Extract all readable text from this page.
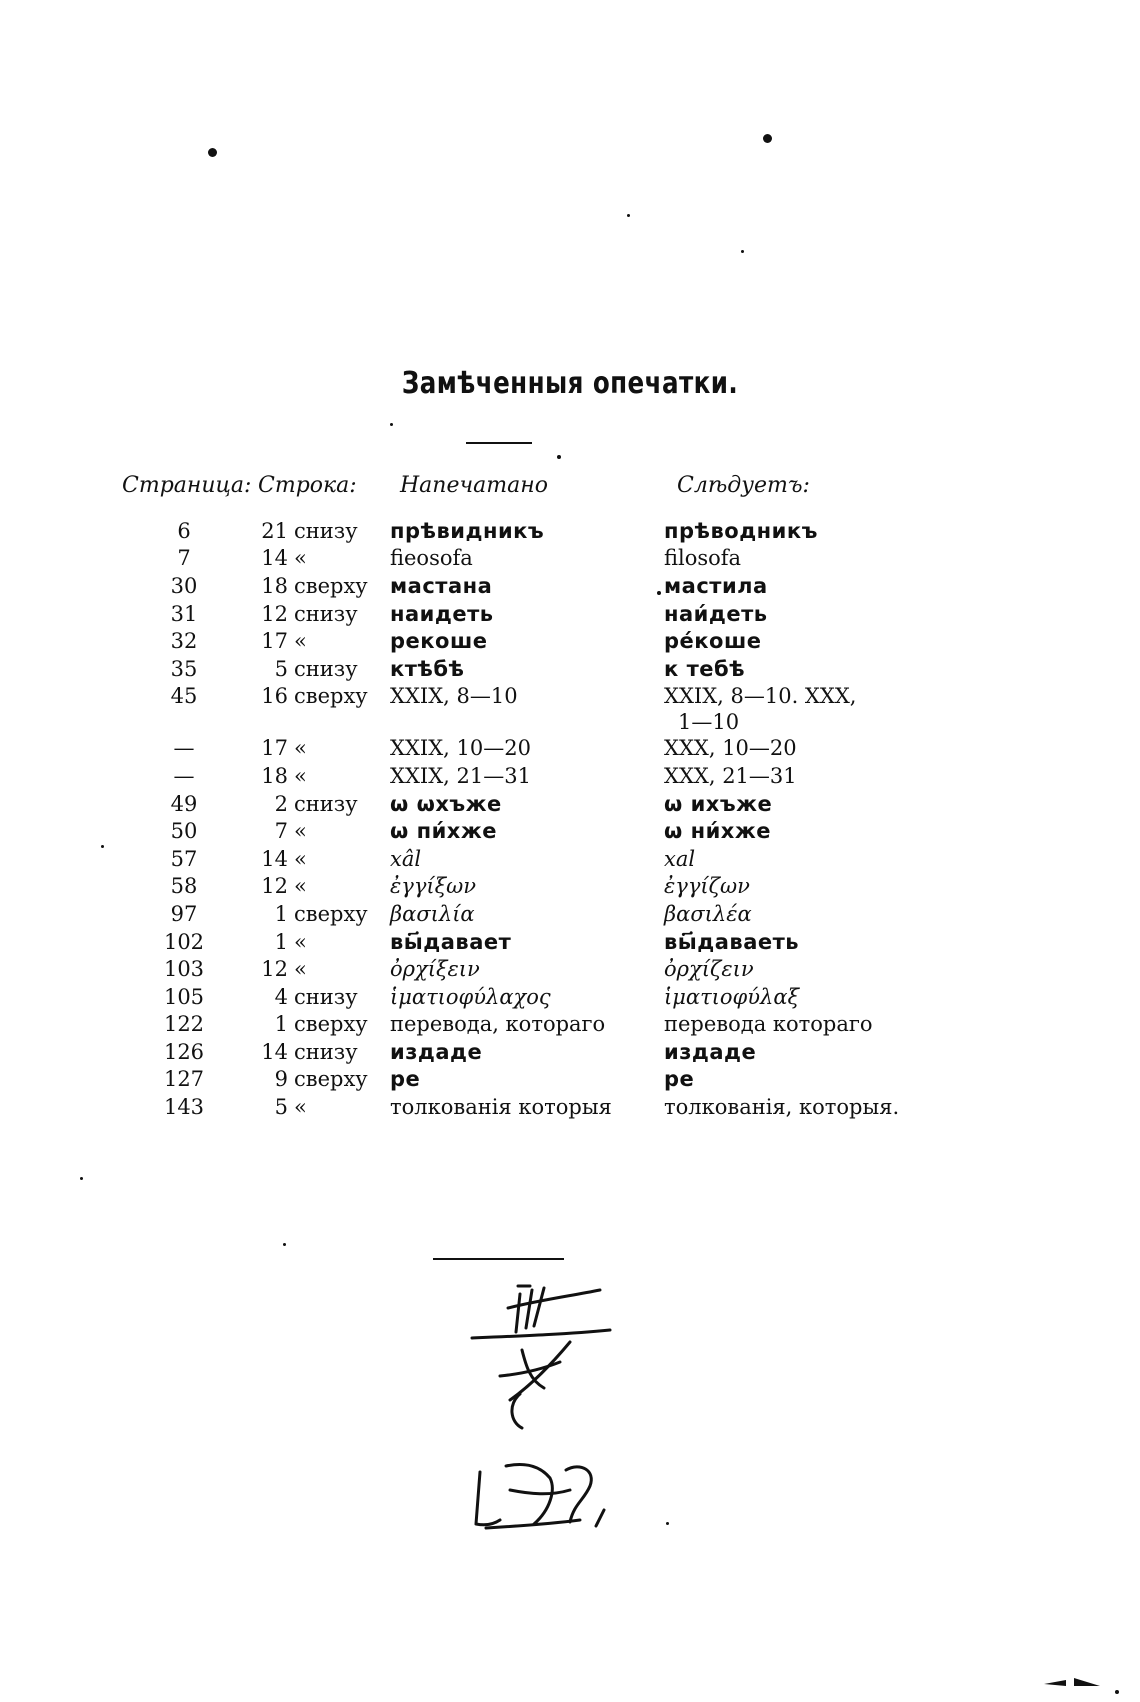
Замѣченныя опечатки.
Страница: Строка: Напечатано	Слѣдуетъ:
6	21	снизу	прѣвидникъ	прѣводникъ
7	14	«	fieosofa	filosofa
30	18	сверху	мастана	мастила
31	12	снизу	наидеть	наи́деть
32	17	«	рекоше	ре́коше
35	5	снизу	ктѣбѣ	к тебѣ
45	16	сверху	XXIX, 8—10	XXIX, 8—10. XXX,
1—10

—	17	«	XXIX, 10—20	XXX, 10—20
—	18	«	XXIX, 21—31	XXX, 21—31
49	2	снизу	ѡ ѡхъже	ѡ ихъже
50	7	«	ѡ пи́хже	ѡ ни́хже
57	14	«	xâl	xal
58	12	«	ἐγγίξων	ἐγγίζων
97	1	сверху	βασιλία	βασιλέα
102	1	«	вы҃давает	вы҃даваеть
103	12	«	ὀρχίξειν	ὀρχίζειν
105	4	снизу	ἱματιοφύλαχος	ἱματιοφύλαξ
122	1	сверху	перевода, котораго	перевода котораго
126	14	снизу	издаде	издаде
127	9	сверху	ре	ре
143	5	«	толкованія которыя	толкованія, которыя.
